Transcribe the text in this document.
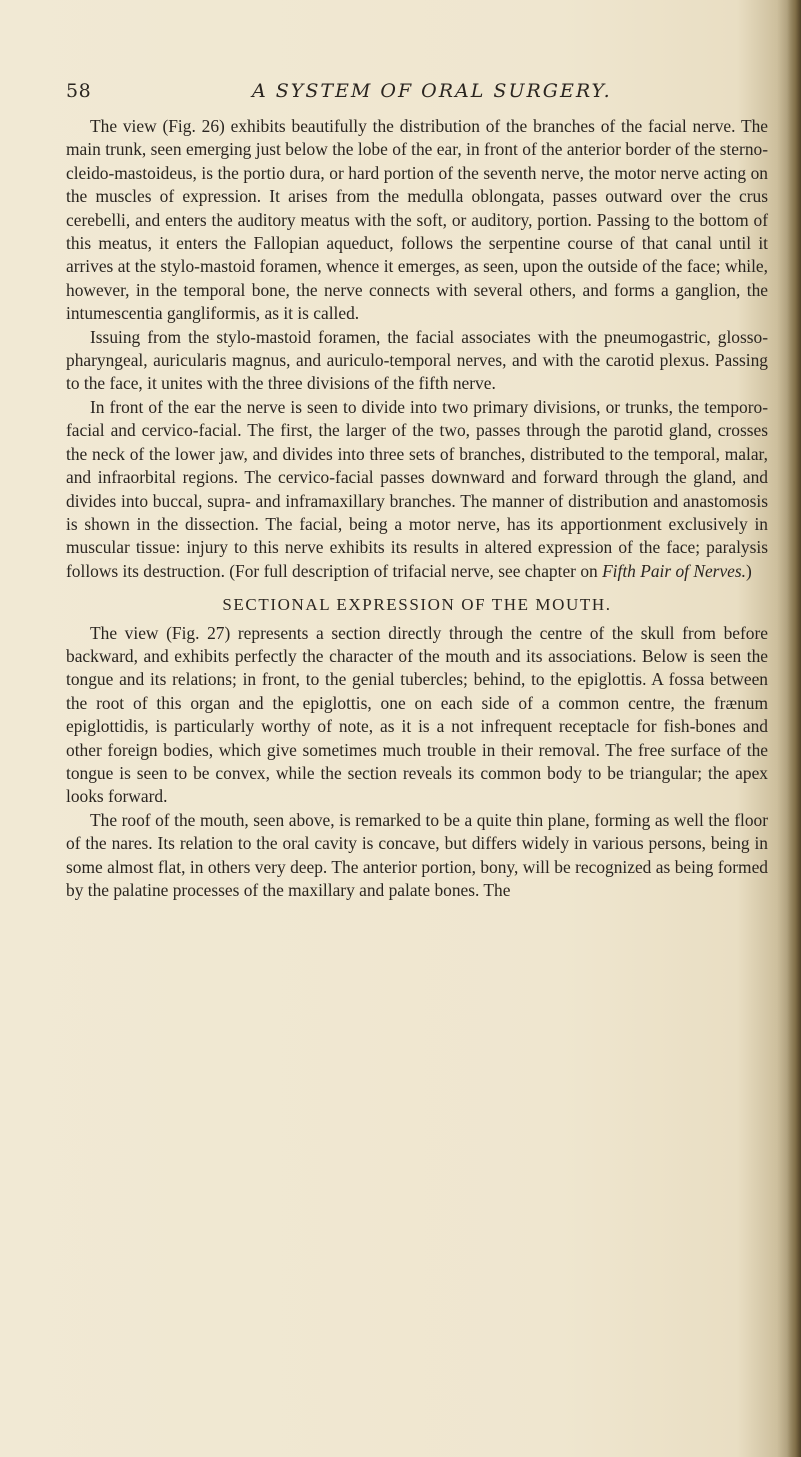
58	A SYSTEM OF ORAL SURGERY.

The view (Fig. 26) exhibits beautifully the distribution of the branches of the facial nerve. The main trunk, seen emerging just below the lobe of the ear, in front of the anterior border of the sterno-cleido-mastoideus, is the portio dura, or hard portion of the seventh nerve, the motor nerve acting on the muscles of expression. It arises from the medulla oblongata, passes outward over the crus cerebelli, and enters the auditory meatus with the soft, or auditory, portion. Passing to the bottom of this meatus, it enters the Fallopian aqueduct, follows the serpentine course of that canal until it arrives at the stylo-mastoid foramen, whence it emerges, as seen, upon the outside of the face; while, however, in the temporal bone, the nerve connects with several others, and forms a ganglion, the intumescentia gangliformis, as it is called.

Issuing from the stylo-mastoid foramen, the facial associates with the pneumogastric, glosso-pharyngeal, auricularis magnus, and auriculo-temporal nerves, and with the carotid plexus. Passing to the face, it unites with the three divisions of the fifth nerve.

In front of the ear the nerve is seen to divide into two primary divisions, or trunks, the temporo-facial and cervico-facial. The first, the larger of the two, passes through the parotid gland, crosses the neck of the lower jaw, and divides into three sets of branches, distributed to the temporal, malar, and infraorbital regions. The cervico-facial passes downward and forward through the gland, and divides into buccal, supra- and inframaxillary branches. The manner of distribution and anastomosis is shown in the dissection. The facial, being a motor nerve, has its apportionment exclusively in muscular tissue: injury to this nerve exhibits its results in altered expression of the face; paralysis follows its destruction. (For full description of trifacial nerve, see chapter on Fifth Pair of Nerves.)

SECTIONAL EXPRESSION OF THE MOUTH.

The view (Fig. 27) represents a section directly through the centre of the skull from before backward, and exhibits perfectly the character of the mouth and its associations. Below is seen the tongue and its relations; in front, to the genial tubercles; behind, to the epiglottis. A fossa between the root of this organ and the epiglottis, one on each side of a common centre, the frænum epiglottidis, is particularly worthy of note, as it is a not infrequent receptacle for fish-bones and other foreign bodies, which give sometimes much trouble in their removal. The free surface of the tongue is seen to be convex, while the section reveals its common body to be triangular; the apex looks forward.

The roof of the mouth, seen above, is remarked to be a quite thin plane, forming as well the floor of the nares. Its relation to the oral cavity is concave, but differs widely in various persons, being in some almost flat, in others very deep. The anterior portion, bony, will be recognized as being formed by the palatine processes of the maxillary and palate bones. The
